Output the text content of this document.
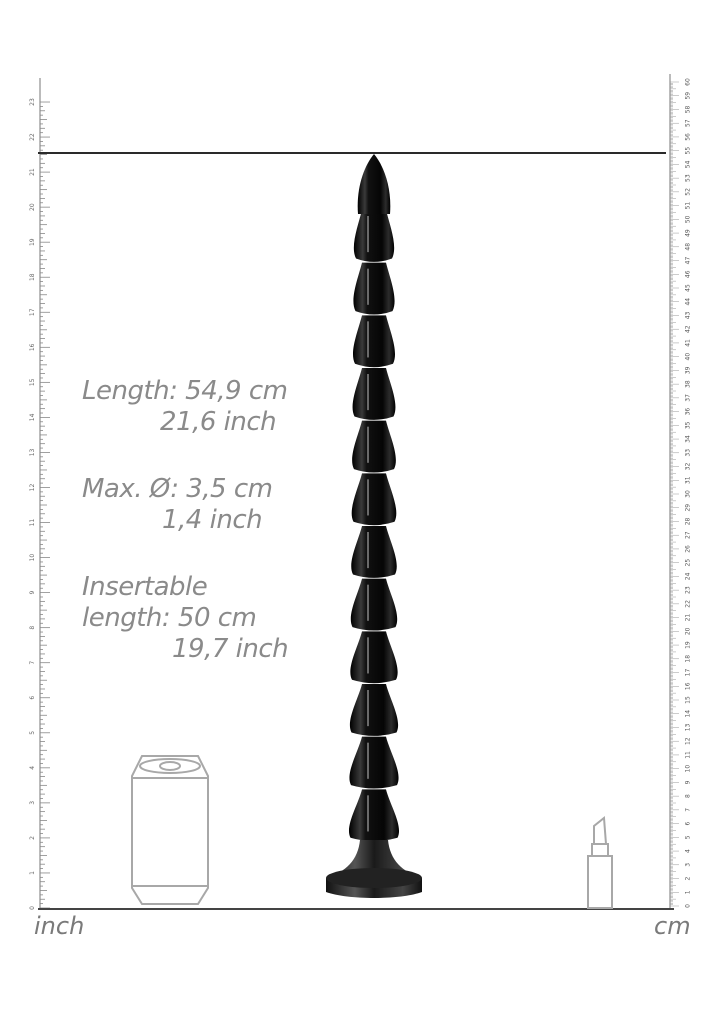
0
1
2
3
4
5
6
7
8
9
10
11
12
13
14
15
16
17
18
19
20
21
22
23
0
1
2
3
4
5
6
7
8
9
10
11
12
13
14
15
16
17
18
19
20
21
22
23
24
25
26
27
28
29
30
31
32
33
34
35
36
37
38
39
40
41
42
43
44
45
46
47
48
49
50
51
52
53
54
55
56
57
58
59
60
Length: 54,9 cm
21,6 inch
Max. Ø: 3,5 cm
1,4 inch
Insertable
length: 50 cm
19,7 inch
inch	cm
